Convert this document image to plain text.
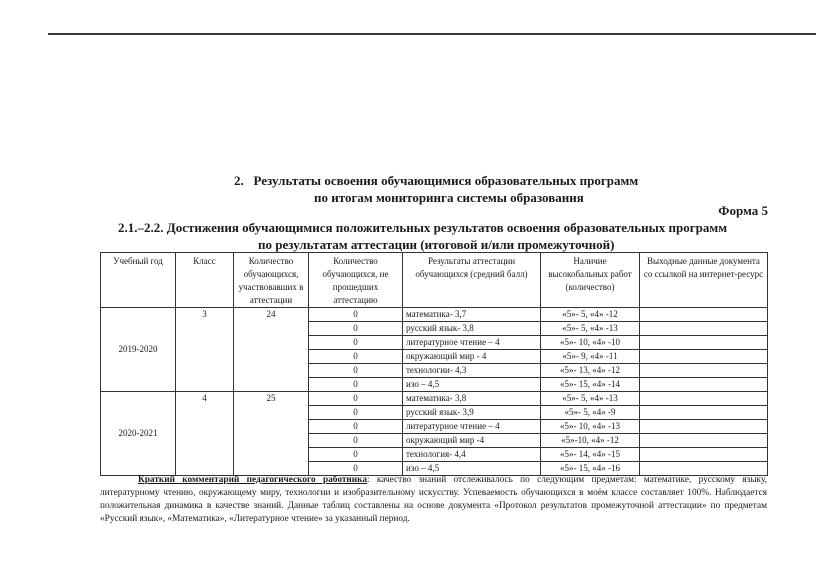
2. Результаты освоения обучающимися образовательных программ
по итогам мониторинга системы образования
Форма 5
2.1.–2.2. Достижения обучающимися положительных результатов освоения образовательных программ
по результатам аттестации (итоговой и/или промежуточной)
Учебный год	Класс	Количество обучающихся, участвовавших в аттестации	Количество обучающихся, не прошедших аттестацию	Результаты аттестации обучающихся (средний балл)	Наличие высокобальных работ (количество)	Выходные данные документа со ссылкой на интернет-ресурс
2019-2020	3	24	0	математика- 3,7	«5»- 5, «4» -12	
			0	русский язык- 3,8	«5»- 5, «4» -13	
			0	литературное чтение – 4	«5»- 10, «4» -10	
			0	окружающий мир - 4	«5»- 9, «4» -11	
			0	технологии- 4,3	«5»- 13, «4» -12	
			0	изо – 4,5	«5»- 15, «4» -14	
2020-2021	4	25	0	математика- 3,8	«5»- 5, «4» -13	
			0	русский язык- 3,9	«5»- 5, «4» -9	
			0	литературное чтение – 4	«5»- 10, «4» -13	
			0	окружающий мир -4	«5»-10, «4» -12	
			0	технология- 4,4	«5»- 14, «4» -15	
			0	изо – 4,5	«5»- 15, «4» -16	
Краткий комментарий педагогического работника: качество знаний отслеживалось по следующим предметам: математике, русскому языку, литературному чтению, окружающему миру, технологии и изобразительному искусству. Успеваемость обучающихся в моём классе составляет 100%. Наблюдается положительная динамика в качестве знаний. Данные таблиц составлены на основе документа «Протокол результатов промежуточной аттестации» по предметам «Русский язык», «Математика», «Литературное чтение» за указанный период.
